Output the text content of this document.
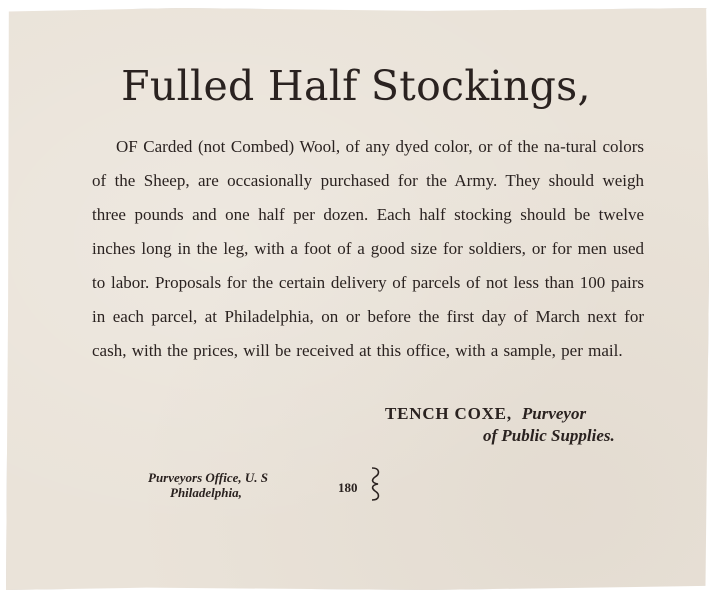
Fulled Half Stockings,

OF Carded (not Combed) Wool, of any dyed color, or of the na-tural colors of the Sheep, are occasionally purchased for the Army. They should weigh three pounds and one half per dozen. Each half stocking should be twelve inches long in the leg, with a foot of a good size for soldiers, or for men used to labor. Proposals for the certain delivery of parcels of not less than 100 pairs in each parcel, at Philadelphia, on or before the first day of March next for cash, with the prices, will be received at this office, with a sample, per mail.

TENCH COXE, Purveyor
of Public Supplies.
Purveyors Office, U. S
Philadelphia,	180
